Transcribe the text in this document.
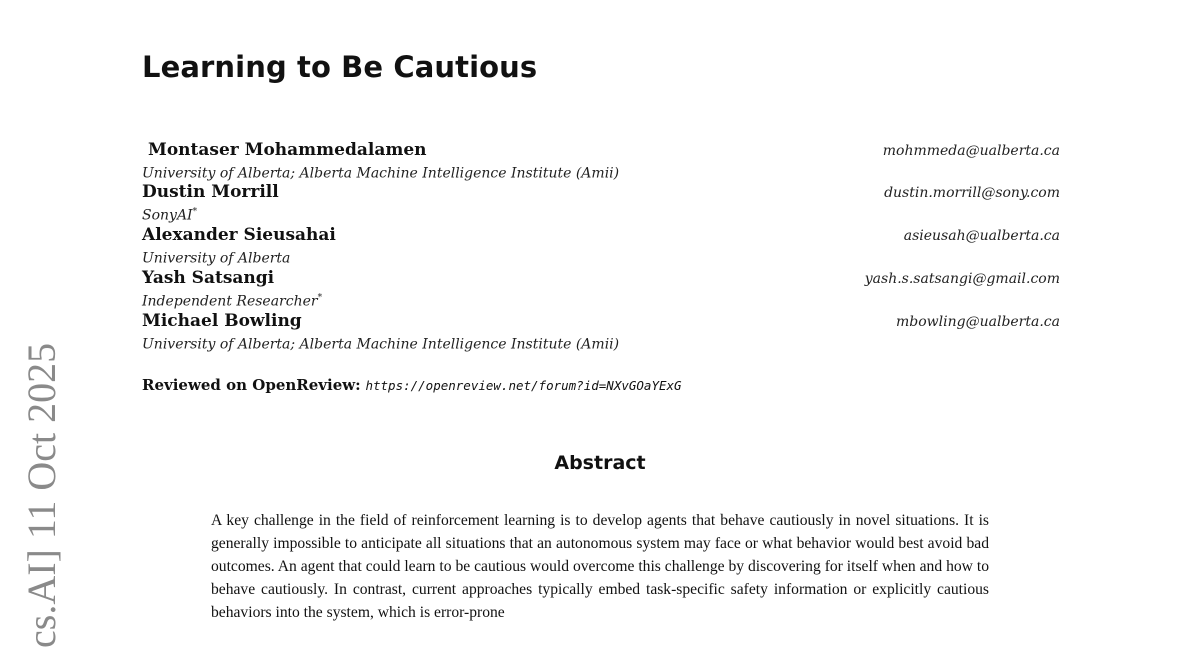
cs.AI] 11 Oct 2025
Learning to Be Cautious
Montaser Mohammedalamen	mohmmeda@ualberta.ca
University of Alberta; Alberta Machine Intelligence Institute (Amii)
Dustin Morrill	dustin.morrill@sony.com
SonyAI*
Alexander Sieusahai	asieusah@ualberta.ca
University of Alberta
Yash Satsangi	yash.s.satsangi@gmail.com
Independent Researcher*
Michael Bowling	mbowling@ualberta.ca
University of Alberta; Alberta Machine Intelligence Institute (Amii)
Reviewed on OpenReview: https://openreview.net/forum?id=NXvGOaYExG
Abstract
A key challenge in the field of reinforcement learning is to develop agents that behave cautiously in novel situations. It is generally impossible to anticipate all situations that an autonomous system may face or what behavior would best avoid bad outcomes. An agent that could learn to be cautious would overcome this challenge by discovering for itself when and how to behave cautiously. In contrast, current approaches typically embed task-specific safety information or explicitly cautious behaviors into the system, which is error-prone
